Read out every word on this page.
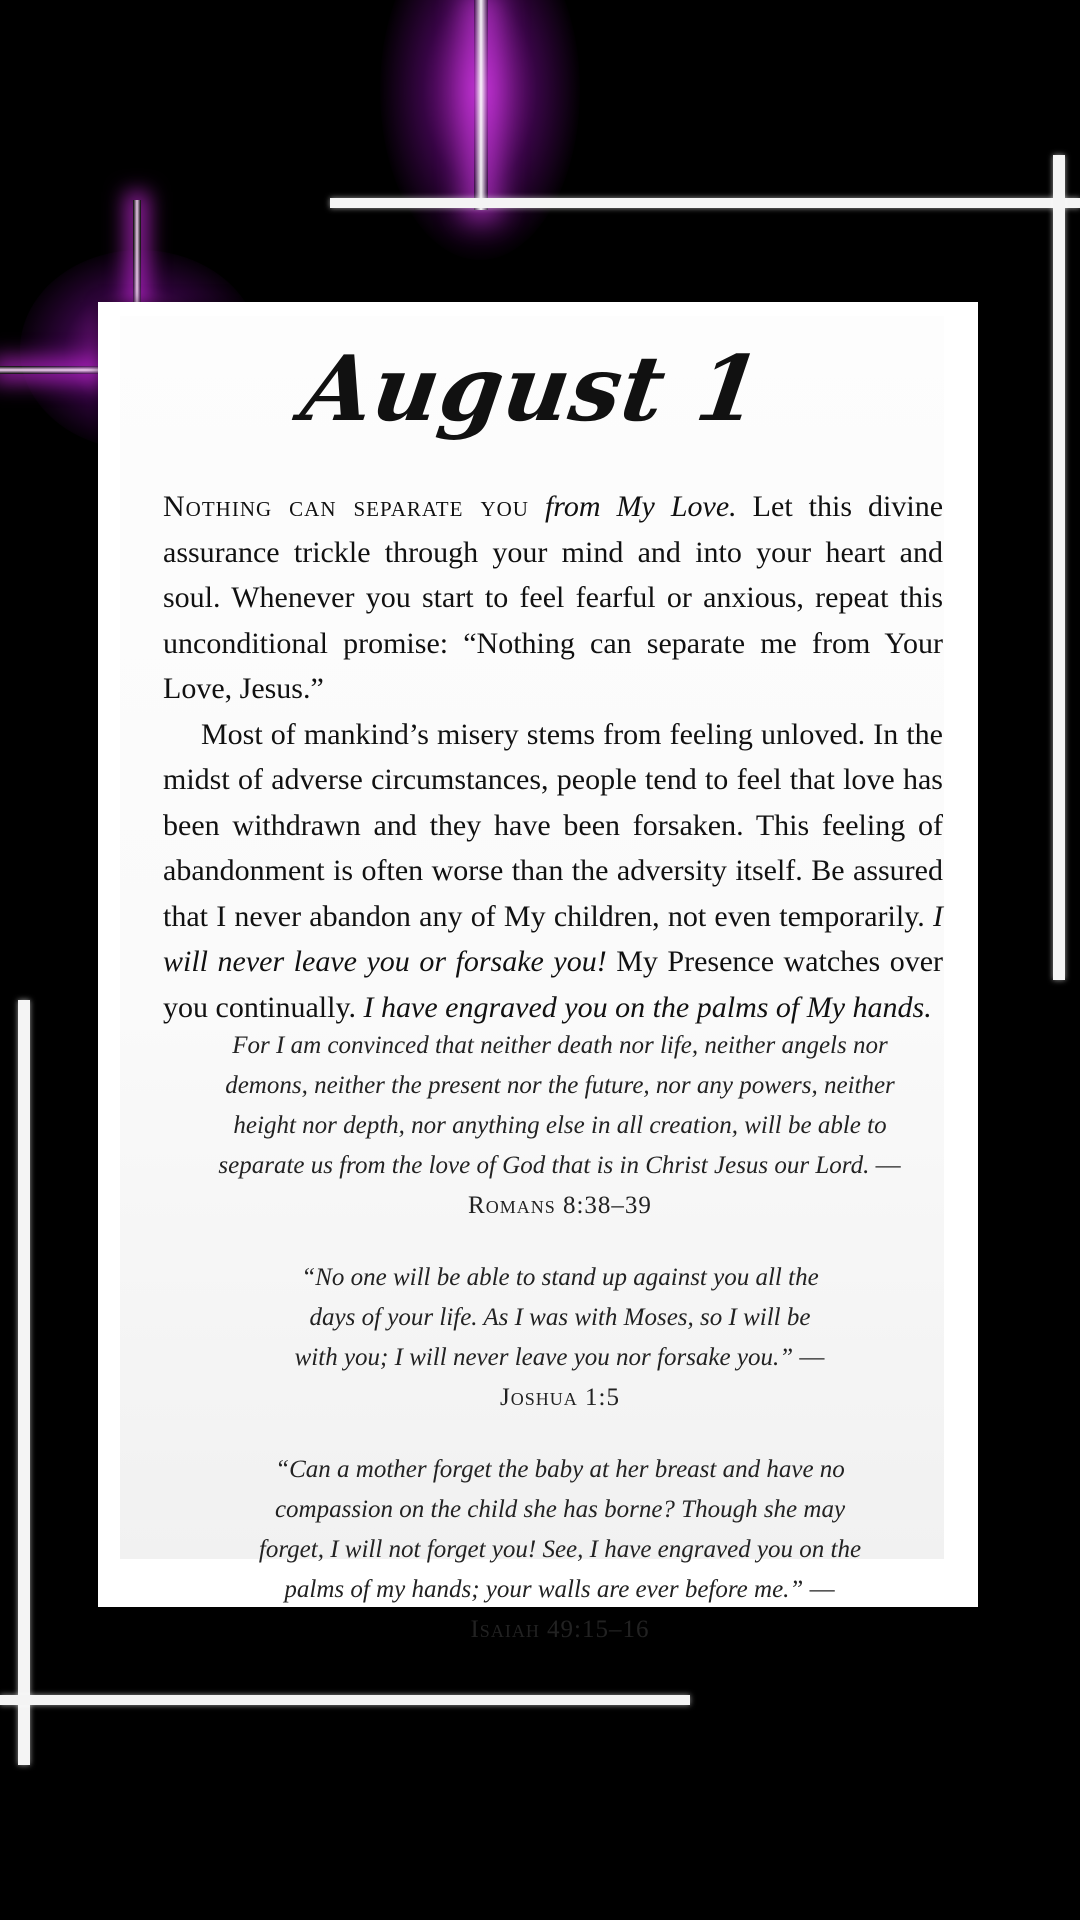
August 1

Nothing can separate you from My Love. Let this divine assurance trickle through your mind and into your heart and soul. Whenever you start to feel fearful or anxious, repeat this unconditional promise: “Nothing can separate me from Your Love, Jesus.”

Most of mankind’s misery stems from feeling unloved. In the midst of adverse circumstances, people tend to feel that love has been withdrawn and they have been forsaken. This feeling of abandonment is often worse than the adversity itself. Be assured that I never abandon any of My children, not even temporarily. I will never leave you or forsake you! My Presence watches over you continually. I have engraved you on the palms of My hands.

For I am convinced that neither death nor life, neither angels nor demons, neither the present nor the future, nor any powers, neither height nor depth, nor anything else in all creation, will be able to separate us from the love of God that is in Christ Jesus our Lord. —Romans 8:38–39

“No one will be able to stand up against you all the days of your life. As I was with Moses, so I will be with you; I will never leave you nor forsake you.” —Joshua 1:5

“Can a mother forget the baby at her breast and have no compassion on the child she has borne? Though she may forget, I will not forget you! See, I have engraved you on the palms of my hands; your walls are ever before me.” —Isaiah 49:15–16
